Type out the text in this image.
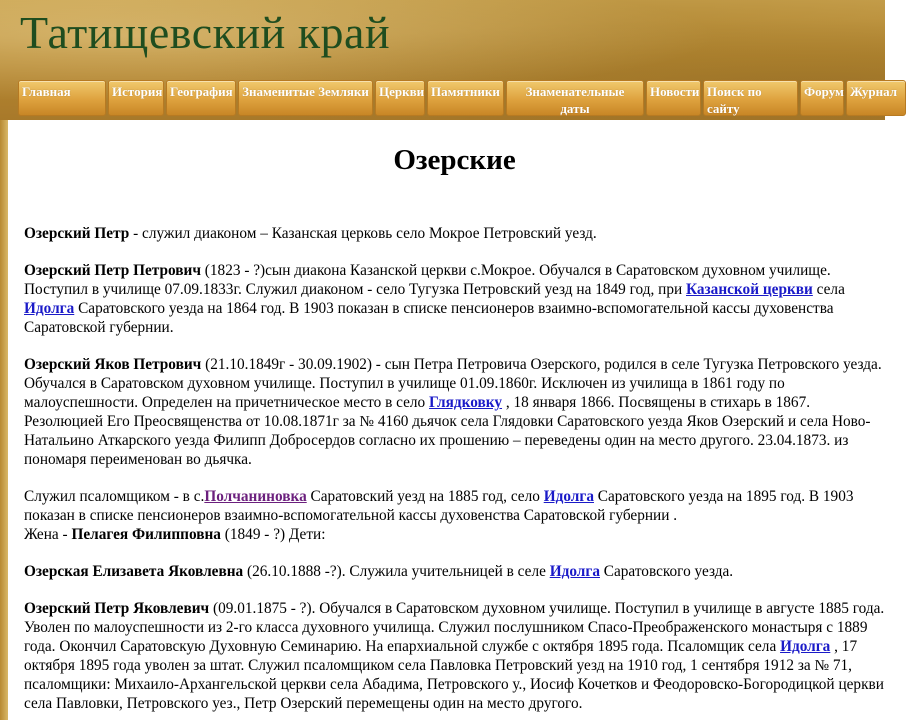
Татищевский край
Главная	История География Знаменитые Земляки Церкви Памятники Знаменательные датыНовости Поиск по сайтуФорум Журнал
Озерские

Озерский Петр - служил диаконом – Казанская церковь село Мокрое Петровский уезд.

Озерский Петр Петрович (1823 - ?)сын диакона Казанской церкви с.Мокрое. Обучался в Саратовском духовном училище. Поступил в училище 07.09.1833г. Служил диаконом - село Тугузка Петровский уезд на 1849 год, при Казанской церкви села Идолга Саратовского уезда на 1864 год. В 1903 показан в списке пенсионеров взаимно-вспомогательной кассы духовенства Саратовской губернии.

Озерский Яков Петрович (21.10.1849г - 30.09.1902) - сын Петра Петровича Озерского, родился в селе Тугузка Петровского уезда. Обучался в Саратовском духовном училище. Поступил в училище 01.09.1860г. Исключен из училища в 1861 году по малоуспешности. Определен на причетническое место в село Глядковку , 18 января 1866. Посвящены в стихарь в 1867. Резолюцией Его Преосвященства от 10.08.1871г за № 4160 дьячок села Глядовки Саратовского уезда Яков Озерский и села Ново-Натальино Аткарского уезда Филипп Добросердов согласно их прошению – переведены один на место другого. 23.04.1873. из пономаря переименован во дьячка.

Служил псаломщиком - в с.Полчаниновка Саратовский уезд на 1885 год, село Идолга Саратовского уезда на 1895 год. В 1903 показан в списке пенсионеров взаимно-вспомогательной кассы духовенства Саратовской губернии .
Жена - Пелагея Филипповна (1849 - ?) Дети:

Озерская Елизавета Яковлевна (26.10.1888 -?). Служила учительницей в селе Идолга Саратовского уезда.

Озерский Петр Яковлевич (09.01.1875 - ?). Обучался в Саратовском духовном училище. Поступил в училище в августе 1885 года. Уволен по малоуспешности из 2-го класса духовного училища. Служил послушником Спасо-Преображенского монастыря с 1889 года. Окончил Саратовскую Духовную Семинарию. На епархиальной службе с октября 1895 года. Псаломщик села Идолга , 17 октября 1895 года уволен за штат. Служил псаломщиком села Павловка Петровский уезд на 1910 год, 1 сентября 1912 за № 71, псаломщики: Михаило-Архангельской церкви села Абадима, Петровского у., Иосиф Кочетков и Феодоровско-Богородицкой церкви села Павловки, Петровского уез., Петр Озерский перемещены один на место другого.
